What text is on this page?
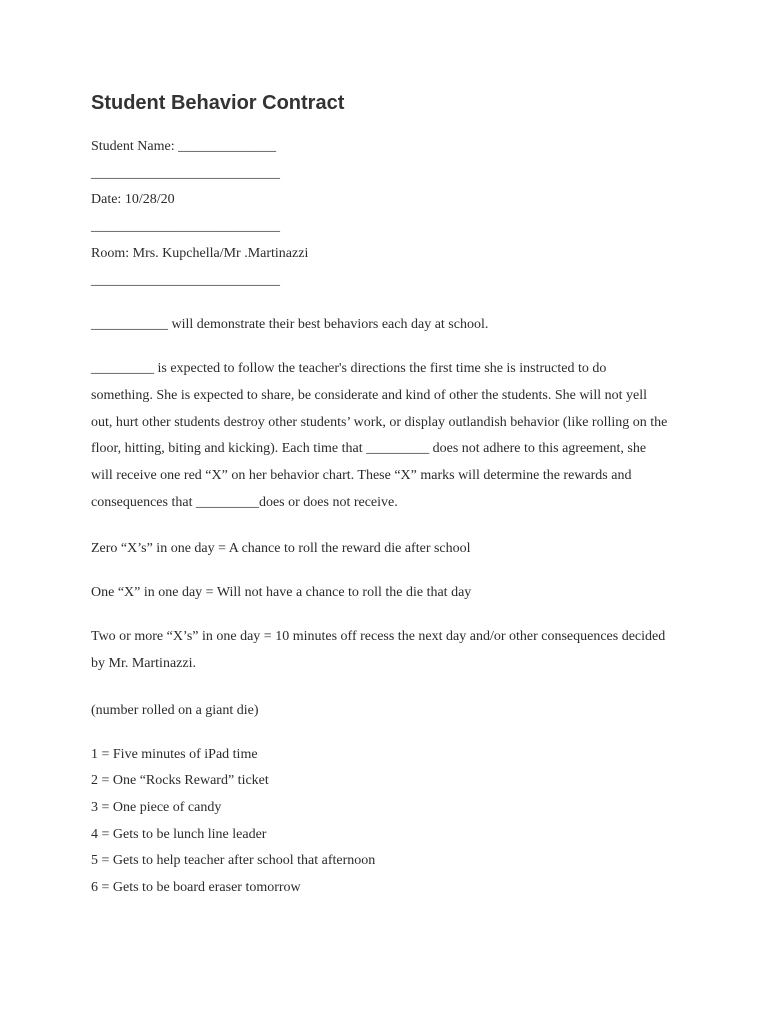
Student Behavior Contract
Student Name: ______________
___________________________
Date: 10/28/20
___________________________
Room: Mrs. Kupchella/Mr .Martinazzi
___________________________
___________ will demonstrate their best behaviors each day at school.

_________ is expected to follow the teacher's directions the first time she is instructed to do something. She is expected to share, be considerate and kind of other the students. She will not yell out, hurt other students destroy other students’ work, or display outlandish behavior (like rolling on the floor, hitting, biting and kicking). Each time that _________ does not adhere to this agreement, she will receive one red “X” on her behavior chart. These “X” marks will determine the rewards and consequences that _________does or does not receive.

Zero “X’s” in one day = A chance to roll the reward die after school
One “X” in one day = Will not have a chance to roll the die that day

Two or more “X’s” in one day = 10 minutes off recess the next day and/or other consequences decided by Mr. Martinazzi.

(number rolled on a giant die)
1 = Five minutes of iPad time
2 = One “Rocks Reward” ticket
3 = One piece of candy
4 = Gets to be lunch line leader
5 = Gets to help teacher after school that afternoon
6 = Gets to be board eraser tomorrow
